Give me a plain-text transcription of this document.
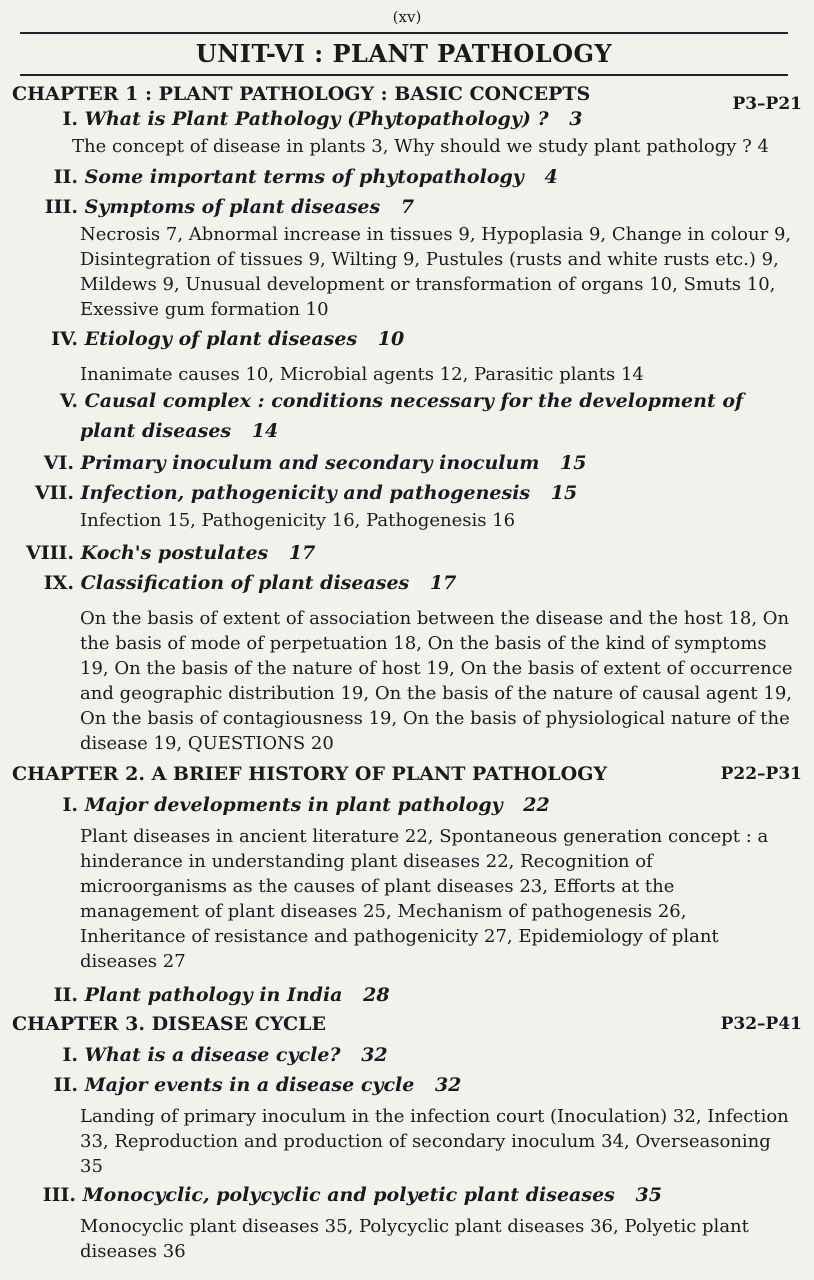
(xv)
UNIT-VI : PLANT PATHOLOGY
CHAPTER 1 : PLANT PATHOLOGY : BASIC CONCEPTS	P3–P21
I. What is Plant Pathology (Phytopathology) ? 3
The concept of disease in plants 3, Why should we study plant pathology ? 4
II. Some important terms of phytopathology 4
III. Symptoms of plant diseases 7
Necrosis 7, Abnormal increase in tissues 9, Hypoplasia 9, Change in colour 9, Disintegration of tissues 9, Wilting 9, Pustules (rusts and white rusts etc.) 9, Mildews 9, Unusual development or transformation of organs 10, Smuts 10, Exessive gum formation 10
IV. Etiology of plant diseases 10
Inanimate causes 10, Microbial agents 12, Parasitic plants 14
V. Causal complex : conditions necessary for the development of
plant diseases 14
VI. Primary inoculum and secondary inoculum 15
VII. Infection, pathogenicity and pathogenesis 15
Infection 15, Pathogenicity 16, Pathogenesis 16
VIII. Koch's postulates 17
IX. Classification of plant diseases 17
On the basis of extent of association between the disease and the host 18, On the basis of mode of perpetuation 18, On the basis of the kind of symptoms 19, On the basis of the nature of host 19, On the basis of extent of occurrence and geographic distribution 19, On the basis of the nature of causal agent 19, On the basis of contagiousness 19, On the basis of physiological nature of the disease 19, QUESTIONS 20
CHAPTER 2. A BRIEF HISTORY OF PLANT PATHOLOGY	P22–P31
I. Major developments in plant pathology 22
Plant diseases in ancient literature 22, Spontaneous generation concept : a hinderance in understanding plant diseases 22, Recognition of microorganisms as the causes of plant diseases 23, Efforts at the management of plant diseases 25, Mechanism of pathogenesis 26, Inheritance of resistance and pathogenicity 27, Epidemiology of plant diseases 27
II. Plant pathology in India 28
CHAPTER 3. DISEASE CYCLE	P32–P41
I. What is a disease cycle? 32
II. Major events in a disease cycle 32
Landing of primary inoculum in the infection court (Inoculation) 32, Infection 33, Reproduction and production of secondary inoculum 34, Overseasoning 35
III. Monocyclic, polycyclic and polyetic plant diseases 35
Monocyclic plant diseases 35, Polycyclic plant diseases 36, Polyetic plant diseases 36
